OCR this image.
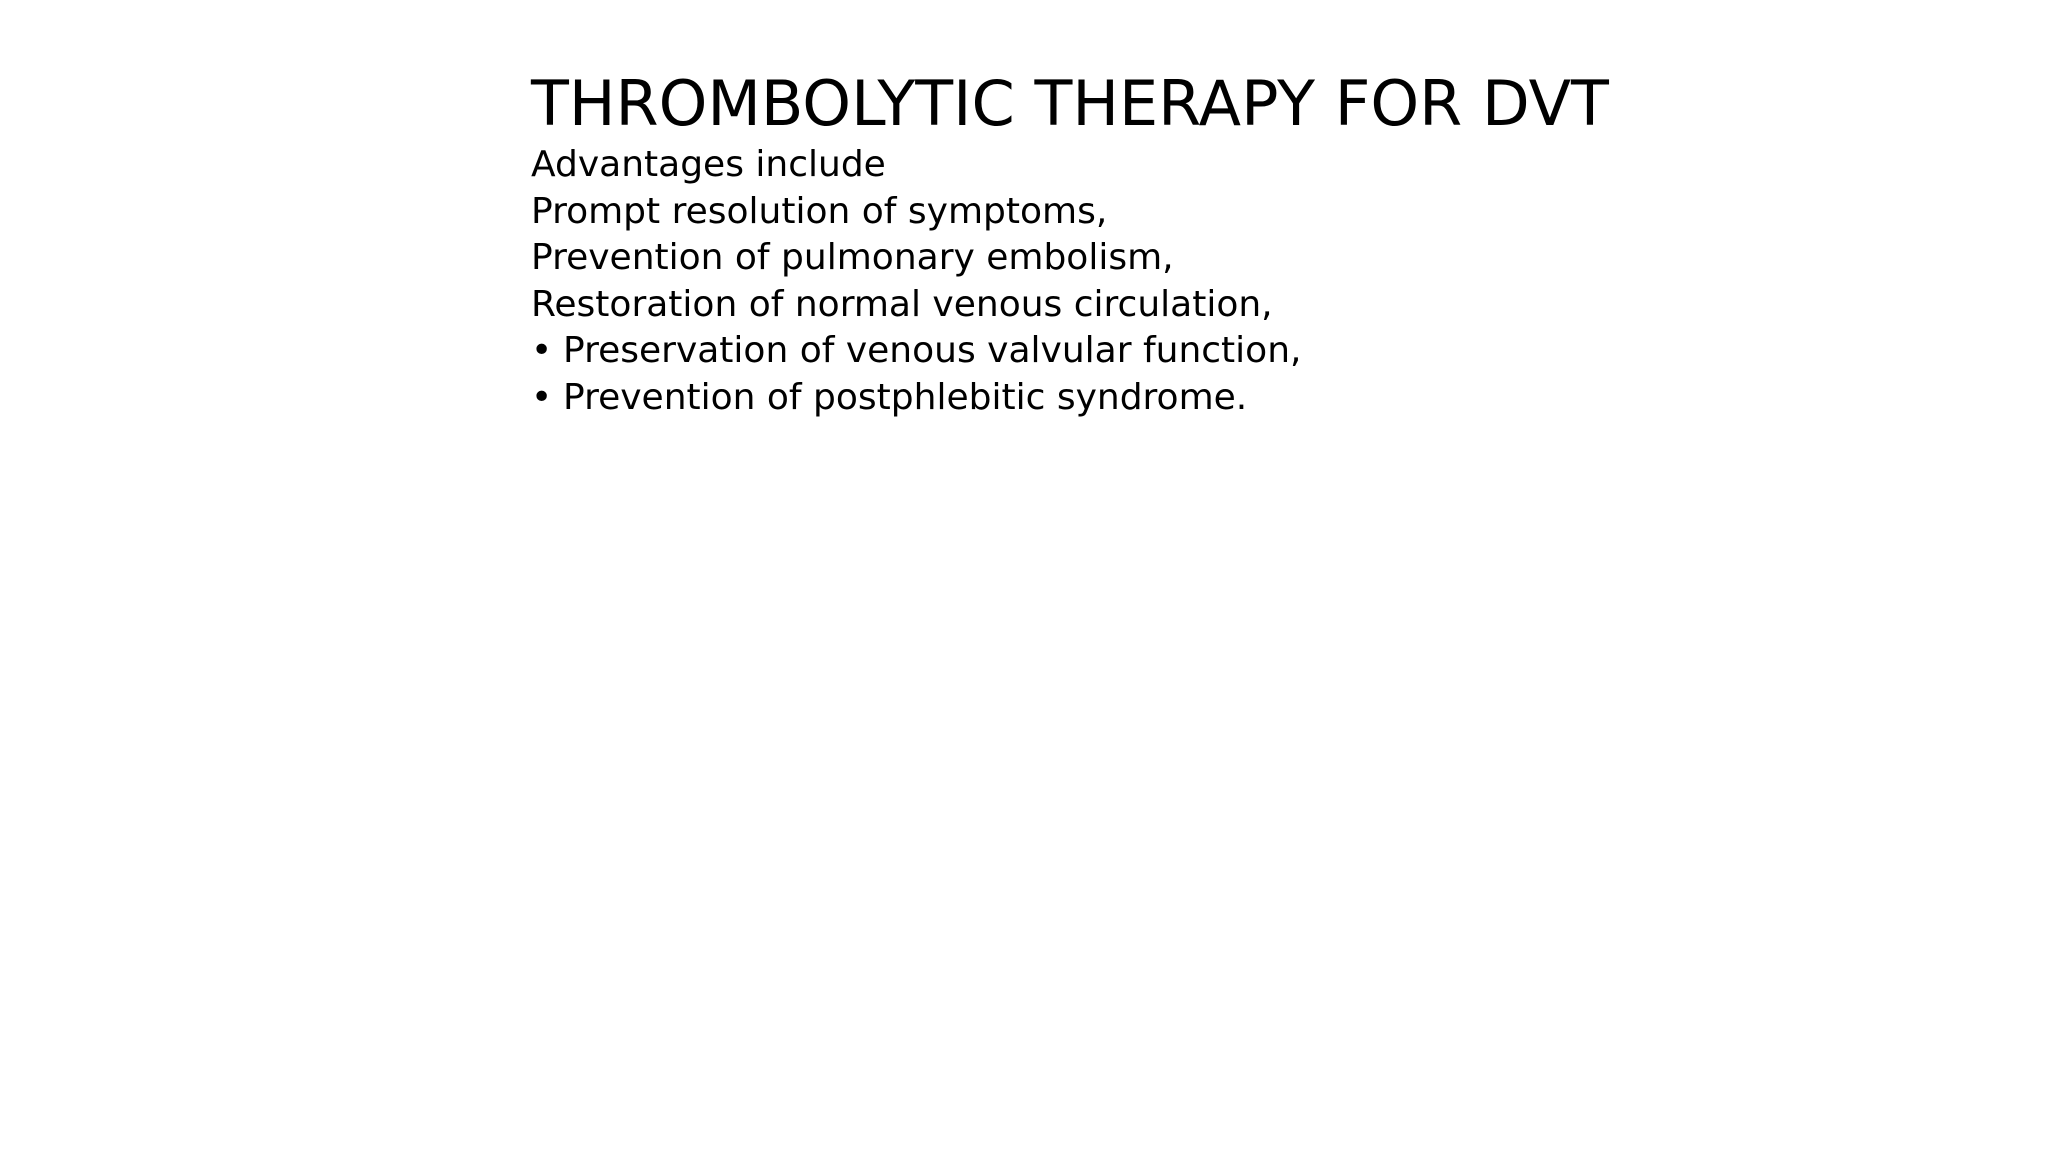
THROMBOLYTIC THERAPY FOR DVT
Advantages include
Prompt resolution of symptoms,
Prevention of pulmonary embolism,
Restoration of normal venous circulation,
• Preservation of venous valvular function,
• Prevention of postphlebitic syndrome.
